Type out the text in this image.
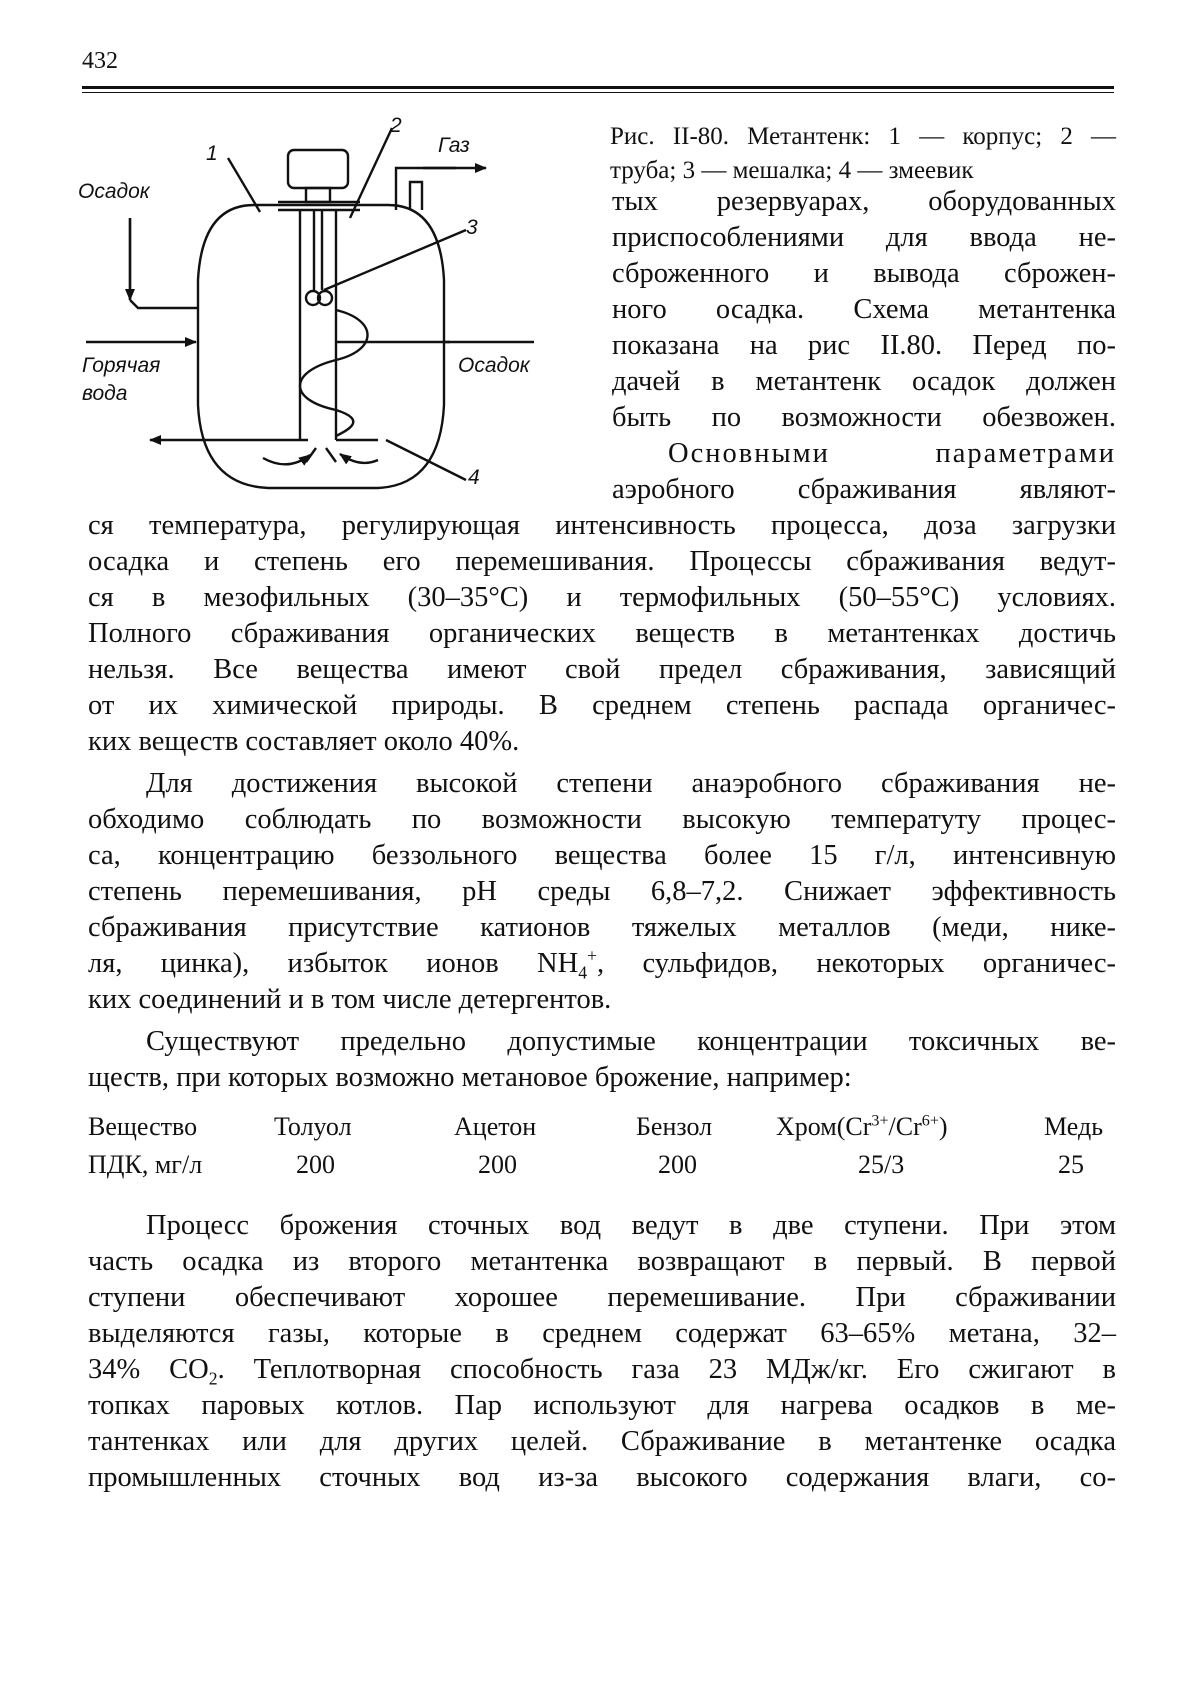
432
Осадок
Газ
Горячая
вода
Осадок
1
2
3
4
Рис. II-80. Метантенк: 1 — корпус; 2 —
труба; 3 — мешалка; 4 — змеевик
тых резервуарах, оборудованных
приспособлениями для ввода не-
сброженного и вывода сброжен-
ного осадка. Схема метантенка
показана на рис II.80. Перед по-
дачей в метантенк осадок должен
быть по возможности обезвожен.
Основными параметрами
аэробного сбраживания являют-
ся температура, регулирующая интенсивность процесса, доза загрузки
осадка и степень его перемешивания. Процессы сбраживания ведут-
ся в мезофильных (30–35°С) и термофильных (50–55°С) условиях.
Полного сбраживания органических веществ в метантенках достичь
нельзя. Все вещества имеют свой предел сбраживания, зависящий
от их химической природы. В среднем степень распада органичес-
ких веществ составляет около 40%.
Для достижения высокой степени анаэробного сбраживания не-
обходимо соблюдать по возможности высокую температуту процес-
са, концентрацию беззольного вещества более 15 г/л, интенсивную
степень перемешивания, рН среды 6,8–7,2. Снижает эффективность
сбраживания присутствие катионов тяжелых металлов (меди, нике-
ля, цинка), избыток ионов $NH_4^+$, сульфидов, некоторых органичес-
ких соединений и в том числе детергентов.
Существуют предельно допустимые концентрации токсичных ве-
ществ, при которых возможно метановое брожение, например:
Вещество	Толуол	Ацетон	Бензол $Хром(Cr^{3+}/Cr^{6+})$	Медь
ПДК, мг/л	200	200	200	25/3	25
Процесс брожения сточных вод ведут в две ступени. При этом
часть осадка из второго метантенка возвращают в первый. В первой
ступени обеспечивают хорошее перемешивание. При сбраживании
выделяются газы, которые в среднем содержат 63–65% метана, 32–
34% $CO_2$. Теплотворная способность газа 23 МДж/кг. Его сжигают в
топках паровых котлов. Пар используют для нагрева осадков в ме-
тантенках или для других целей. Сбраживание в метантенке осадка
промышленных сточных вод из-за высокого содержания влаги, со-
